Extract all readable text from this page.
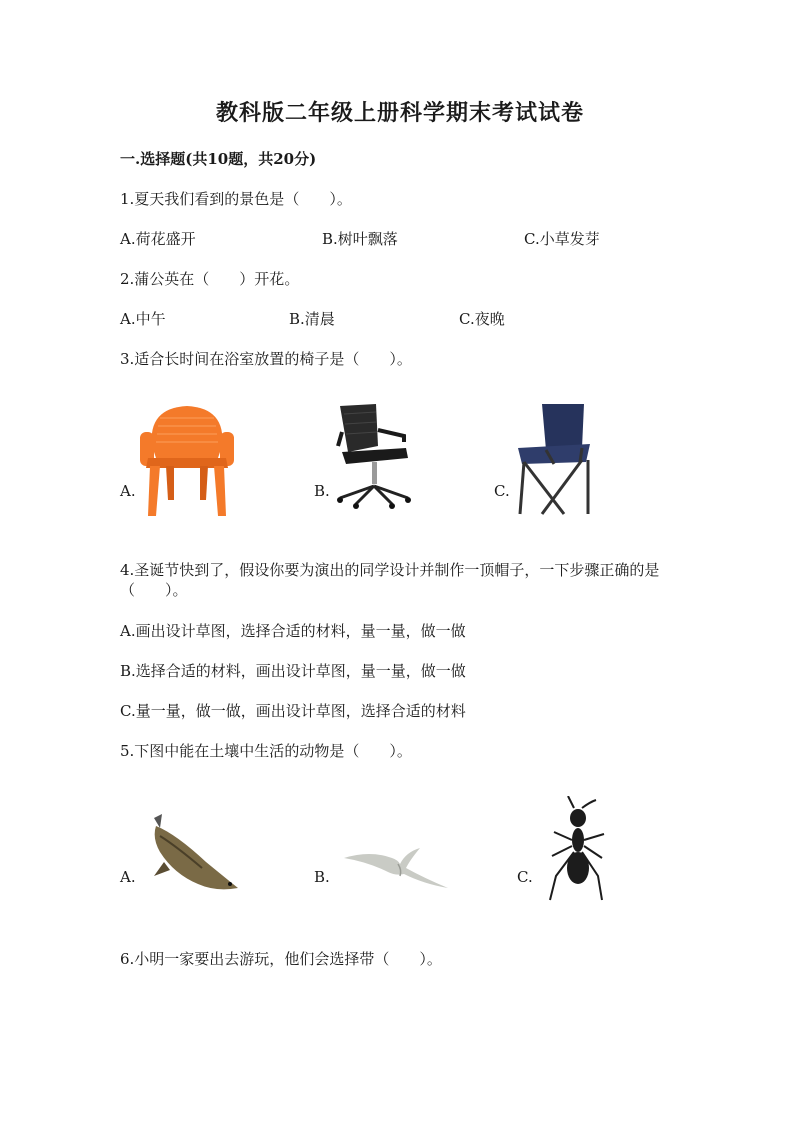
教科版二年级上册科学期末考试试卷
一.选择题(共10题，共20分)
1.夏天我们看到的景色是（　　）。
A.荷花盛开	B.树叶飘落	C.小草发芽
2.蒲公英在（　　）开花。
A.中午	B.清晨	C.夜晚
3.适合长时间在浴室放置的椅子是（　　）。
A.	B.	C.
4.圣诞节快到了，假设你要为演出的同学设计并制作一顶帽子，一下步骤正确的是（　　）。
A.画出设计草图，选择合适的材料，量一量，做一做
B.选择合适的材料，画出设计草图，量一量，做一做
C.量一量，做一做，画出设计草图，选择合适的材料
5.下图中能在土壤中生活的动物是（　　）。
A.	B.	C.
6.小明一家要出去游玩，他们会选择带（　　）。
